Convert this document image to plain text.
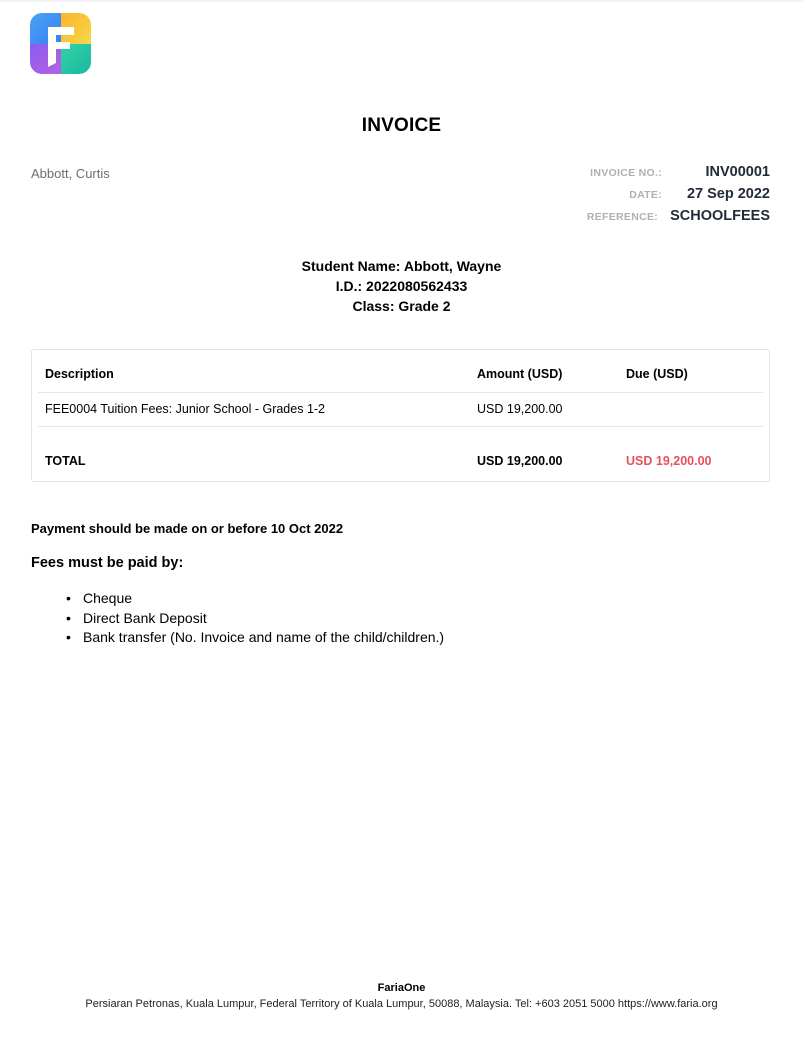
INVOICE
Abbott, Curtis	INVOICE NO.:	INV00001
DATE:	27 Sep 2022
REFERENCE: SCHOOLFEES
Student Name: Abbott, Wayne
I.D.: 2022080562433
Class: Grade 2
Description	Amount (USD)	Due (USD)
FEE0004 Tuition Fees: Junior School - Grades 1-2	USD 19,200.00
TOTAL	USD 19,200.00	USD 19,200.00
Payment should be made on or before 10 Oct 2022
Fees must be paid by:
• Cheque
• Direct Bank Deposit
• Bank transfer (No. Invoice and name of the child/children.)
FariaOne
Persiaran Petronas, Kuala Lumpur, Federal Territory of Kuala Lumpur, 50088, Malaysia. Tel: +603 2051 5000 https://www.faria.org
